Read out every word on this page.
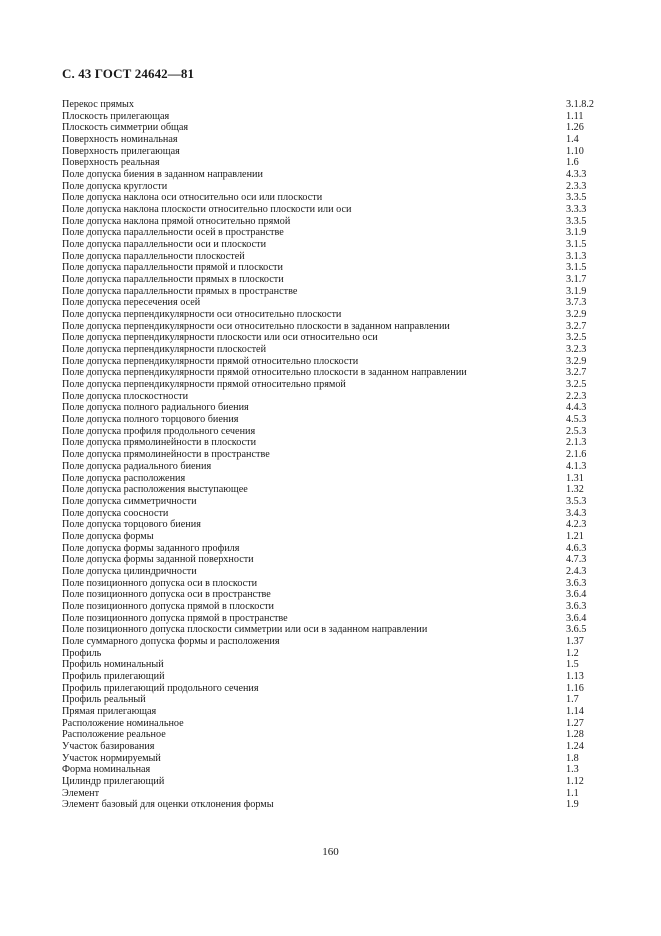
С. 43 ГОСТ 24642—81
Перекос прямых	3.1.8.2
Плоскость прилегающая	1.11
Плоскость симметрии общая	1.26
Поверхность номинальная	1.4
Поверхность прилегающая	1.10
Поверхность реальная	1.6
Поле допуска биения в заданном направлении	4.3.3
Поле допуска круглости	2.3.3
Поле допуска наклона оси относительно оси или плоскости	3.3.5
Поле допуска наклона плоскости относительно плоскости или оси	3.3.3
Поле допуска наклона прямой относительно прямой	3.3.5
Поле допуска параллельности осей в пространстве	3.1.9
Поле допуска параллельности оси и плоскости	3.1.5
Поле допуска параллельности плоскостей	3.1.3
Поле допуска параллельности прямой и плоскости	3.1.5
Поле допуска параллельности прямых в плоскости	3.1.7
Поле допуска параллельности прямых в пространстве	3.1.9
Поле допуска пересечения осей	3.7.3
Поле допуска перпендикулярности оси относительно плоскости	3.2.9
Поле допуска перпендикулярности оси относительно плоскости в заданном направлении	3.2.7
Поле допуска перпендикулярности плоскости или оси относительно оси	3.2.5
Поле допуска перпендикулярности плоскостей	3.2.3
Поле допуска перпендикулярности прямой относительно плоскости	3.2.9
Поле допуска перпендикулярности прямой относительно плоскости в заданном направлении	3.2.7
Поле допуска перпендикулярности прямой относительно прямой	3.2.5
Поле допуска плоскостности	2.2.3
Поле допуска полного радиального биения	4.4.3
Поле допуска полного торцового биения	4.5.3
Поле допуска профиля продольного сечения	2.5.3
Поле допуска прямолинейности в плоскости	2.1.3
Поле допуска прямолинейности в пространстве	2.1.6
Поле допуска радиального биения	4.1.3
Поле допуска расположения	1.31
Поле допуска расположения выступающее	1.32
Поле допуска симметричности	3.5.3
Поле допуска соосности	3.4.3
Поле допуска торцового биения	4.2.3
Поле допуска формы	1.21
Поле допуска формы заданного профиля	4.6.3
Поле допуска формы заданной поверхности	4.7.3
Поле допуска цилиндричности	2.4.3
Поле позиционного допуска оси в плоскости	3.6.3
Поле позиционного допуска оси в пространстве	3.6.4
Поле позиционного допуска прямой в плоскости	3.6.3
Поле позиционного допуска прямой в пространстве	3.6.4
Поле позиционного допуска плоскости симметрии или оси в заданном направлении	3.6.5
Поле суммарного допуска формы и расположения	1.37
Профиль	1.2
Профиль номинальный	1.5
Профиль прилегающий	1.13
Профиль прилегающий продольного сечения	1.16
Профиль реальный	1.7
Прямая прилегающая	1.14
Расположение номинальное	1.27
Расположение реальное	1.28
Участок базирования	1.24
Участок нормируемый	1.8
Форма номинальная	1.3
Цилиндр прилегающий	1.12
Элемент	1.1
Элемент базовый для оценки отклонения формы	1.9
160
